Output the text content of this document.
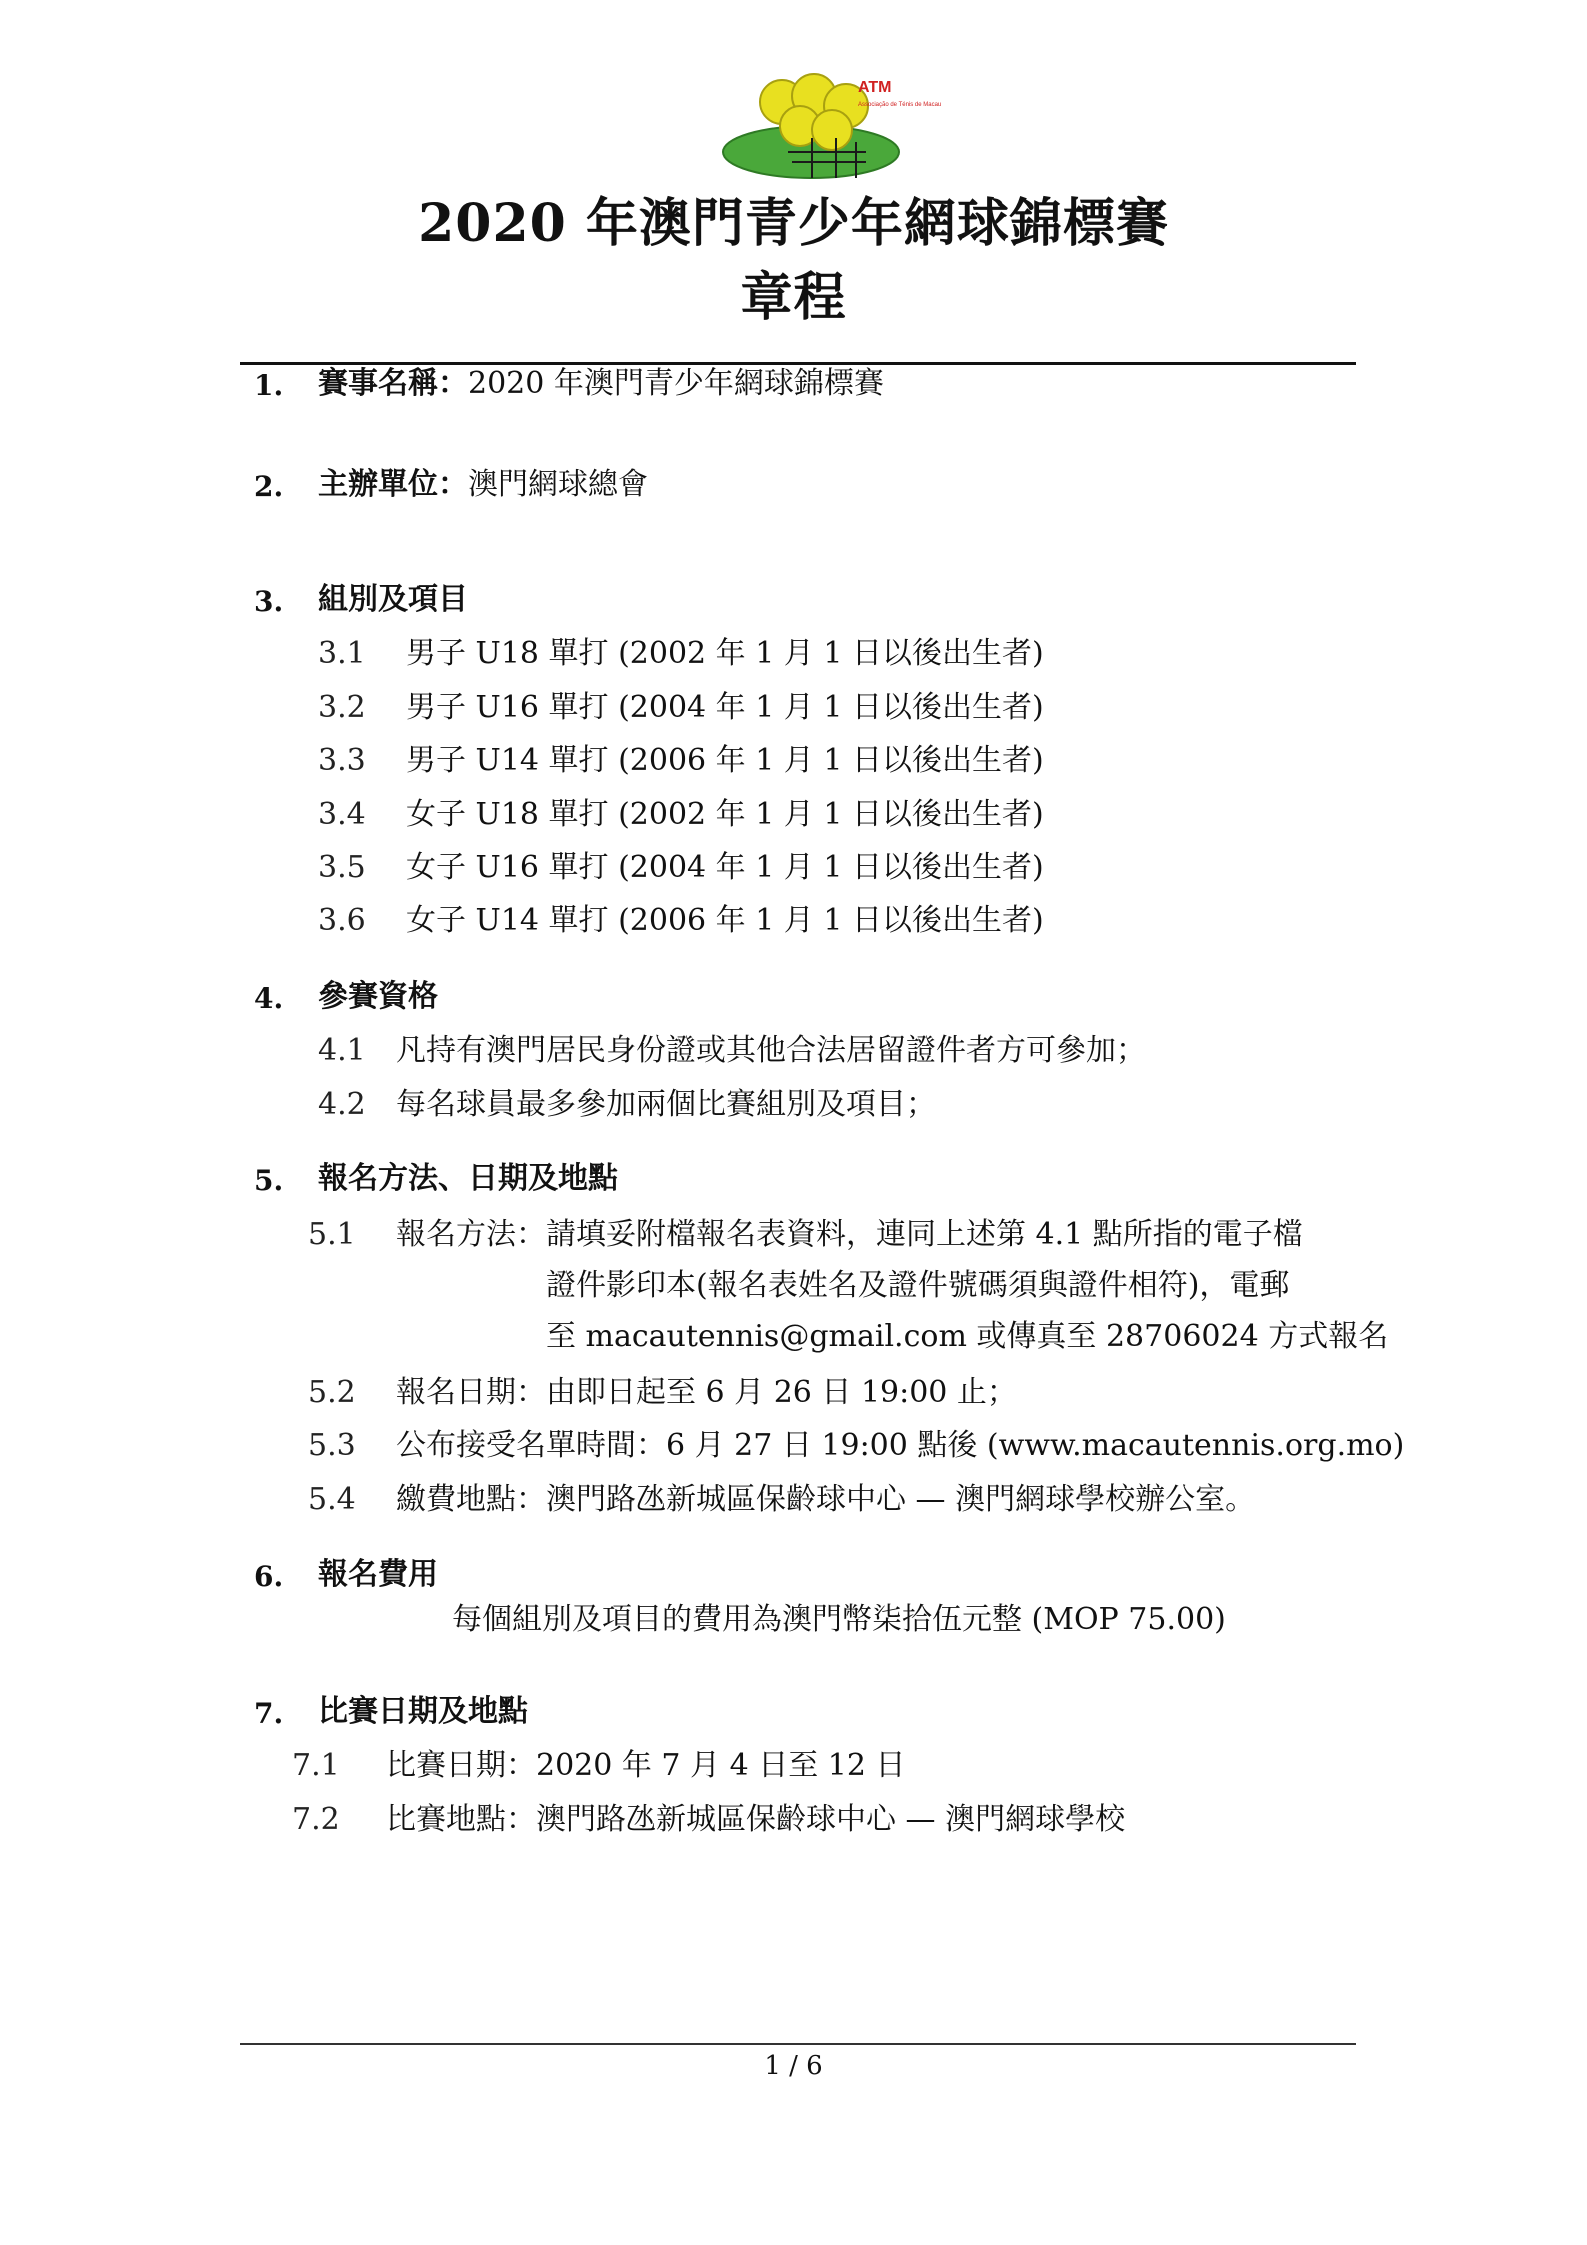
ATM
Associação de Ténis de Macau
2020 年澳門青少年網球錦標賽
章程
1. 賽事名稱：2020 年澳門青少年網球錦標賽
2. 主辦單位：澳門網球總會
3. 組別及項目
3.1 男子 U18 單打 (2002 年 1 月 1 日以後出生者)
3.2 男子 U16 單打 (2004 年 1 月 1 日以後出生者)
3.3 男子 U14 單打 (2006 年 1 月 1 日以後出生者)
3.4 女子 U18 單打 (2002 年 1 月 1 日以後出生者)
3.5 女子 U16 單打 (2004 年 1 月 1 日以後出生者)
3.6 女子 U14 單打 (2006 年 1 月 1 日以後出生者)
4. 參賽資格
4.1 凡持有澳門居民身份證或其他合法居留證件者方可參加；
4.2 每名球員最多參加兩個比賽組別及項目；
5. 報名方法、日期及地點
5.1 報名方法：請填妥附檔報名表資料，連同上述第 4.1 點所指的電子檔
證件影印本(報名表姓名及證件號碼須與證件相符)，電郵
至 macautennis@gmail.com 或傳真至 28706024 方式報名
5.2 報名日期：由即日起至 6 月 26 日 19:00 止；
5.3 公布接受名單時間：6 月 27 日 19:00 點後 (www.macautennis.org.mo)
5.4 繳費地點：澳門路氹新城區保齡球中心 — 澳門網球學校辦公室。
6. 報名費用
每個組別及項目的費用為澳門幣柒拾伍元整 (MOP 75.00)
7. 比賽日期及地點
7.1 比賽日期：2020 年 7 月 4 日至 12 日
7.2 比賽地點：澳門路氹新城區保齡球中心 — 澳門網球學校
1 / 6
